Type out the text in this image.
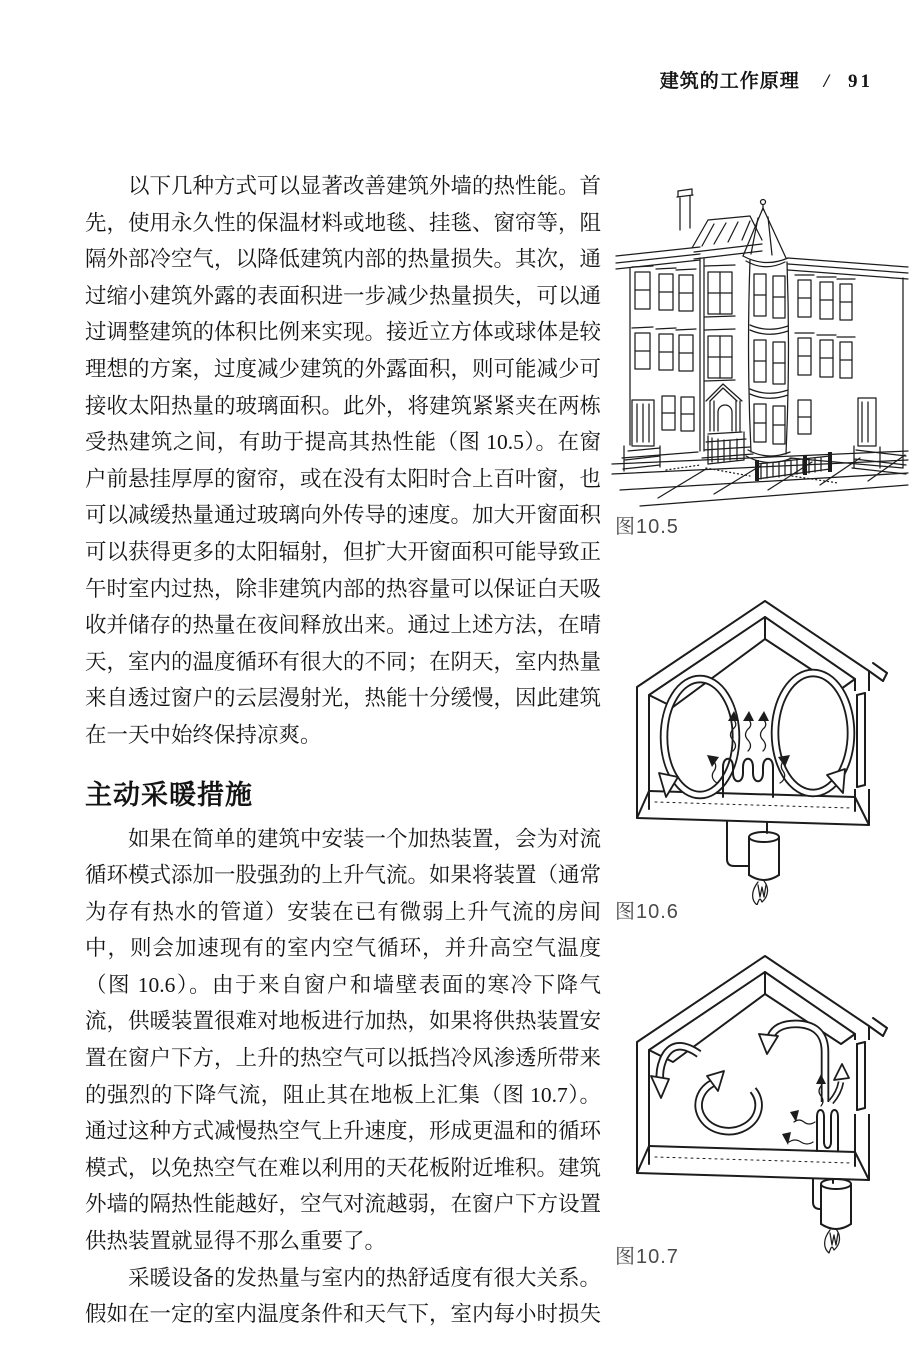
建筑的工作原理 / 91

以下几种方式可以显著改善建筑外墙的热性能。首先，使用永久性的保温材料或地毯、挂毯、窗帘等，阻隔外部冷空气，以降低建筑内部的热量损失。其次，通过缩小建筑外露的表面积进一步减少热量损失，可以通过调整建筑的体积比例来实现。接近立方体或球体是较理想的方案，过度减少建筑的外露面积，则可能减少可接收太阳热量的玻璃面积。此外，将建筑紧紧夹在两栋受热建筑之间，有助于提高其热性能（图 10.5）。在窗户前悬挂厚厚的窗帘，或在没有太阳时合上百叶窗，也可以减缓热量通过玻璃向外传导的速度。加大开窗面积可以获得更多的太阳辐射，但扩大开窗面积可能导致正午时室内过热，除非建筑内部的热容量可以保证白天吸收并储存的热量在夜间释放出来。通过上述方法，在晴天，室内的温度循环有很大的不同；在阴天，室内热量来自透过窗户的云层漫射光，热能十分缓慢，因此建筑在一天中始终保持凉爽。

主动采暖措施

如果在简单的建筑中安装一个加热装置，会为对流循环模式添加一股强劲的上升气流。如果将装置（通常为存有热水的管道）安装在已有微弱上升气流的房间中，则会加速现有的室内空气循环，并升高空气温度（图 10.6）。由于来自窗户和墙壁表面的寒冷下降气流，供暖装置很难对地板进行加热，如果将供热装置安置在窗户下方，上升的热空气可以抵挡冷风渗透所带来的强烈的下降气流，阻止其在地板上汇集（图 10.7）。通过这种方式减慢热空气上升速度，形成更温和的循环模式，以免热空气在难以利用的天花板附近堆积。建筑外墙的隔热性能越好，空气对流越弱，在窗户下方设置供热装置就显得不那么重要了。

采暖设备的发热量与室内的热舒适度有很大关系。假如在一定的室内温度条件和天气下，室内每小时损失

图10.5
图10.6
图10.7
